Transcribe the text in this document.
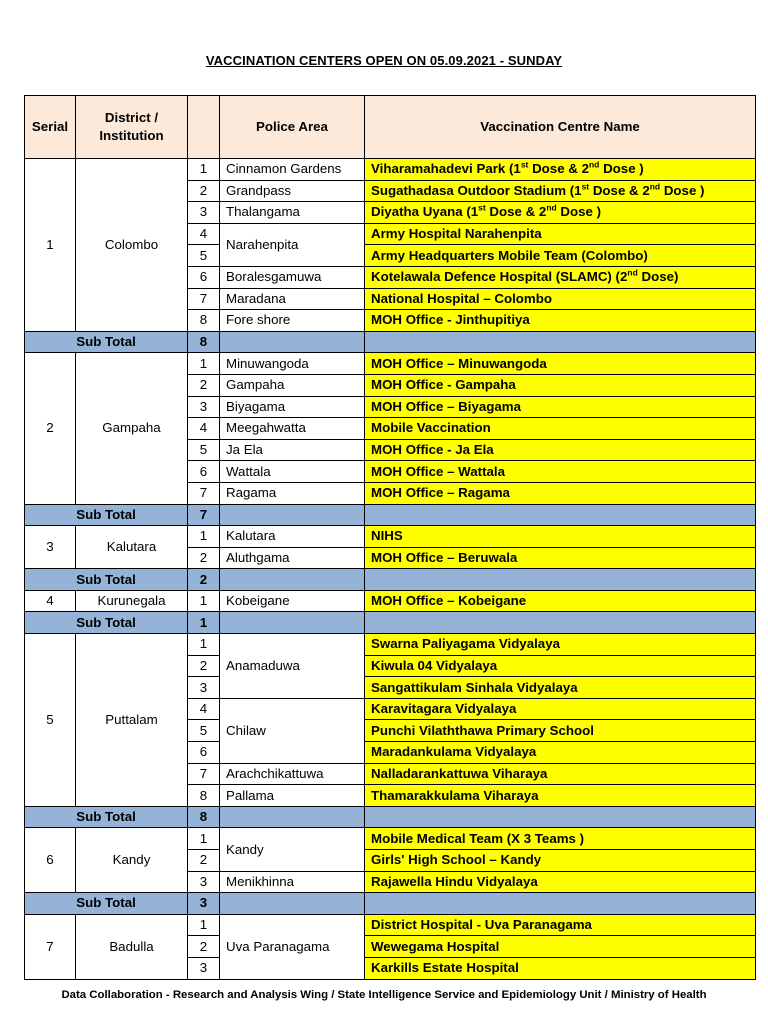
VACCINATION CENTERS OPEN ON 05.09.2021 - SUNDAY
Serial	District / Institution		Police Area	Vaccination Centre Name
1	Colombo	1	Cinnamon Gardens	Viharamahadevi Park (1st Dose & 2nd Dose )
		2	Grandpass	Sugathadasa Outdoor Stadium (1st Dose & 2nd Dose )
		3	Thalangama	Diyatha Uyana (1st Dose & 2nd Dose )
		4	Narahenpita	Army Hospital Narahenpita
		5		Army Headquarters Mobile Team (Colombo)
		6	Boralesgamuwa	Kotelawala Defence Hospital (SLAMC) (2nd Dose)
		7	Maradana	National Hospital – Colombo
		8	Fore shore	MOH Office - Jinthupitiya
Sub Total		8		
2	Gampaha	1	Minuwangoda	MOH Office – Minuwangoda
		2	Gampaha	MOH Office - Gampaha
		3	Biyagama	MOH Office – Biyagama
		4	Meegahwatta	Mobile Vaccination
		5	Ja Ela	MOH Office - Ja Ela
		6	Wattala	MOH Office – Wattala
		7	Ragama	MOH Office – Ragama
Sub Total		7		
3	Kalutara	1	Kalutara	NIHS
		2	Aluthgama	MOH Office – Beruwala
Sub Total		2		
4	Kurunegala	1	Kobeigane	MOH Office – Kobeigane
Sub Total		1		
5	Puttalam	1	Anamaduwa	Swarna Paliyagama Vidyalaya
		2		Kiwula 04 Vidyalaya
		3		Sangattikulam Sinhala Vidyalaya
		4	Chilaw	Karavitagara Vidyalaya
		5		Punchi Vilaththawa Primary School
		6		Maradankulama Vidyalaya
		7	Arachchikattuwa	Nalladarankattuwa Viharaya
		8	Pallama	Thamarakkulama Viharaya
Sub Total		8		
6	Kandy	1	Kandy	Mobile Medical Team (X 3 Teams )
		2		Girls' High School – Kandy
		3	Menikhinna	Rajawella Hindu Vidyalaya
Sub Total		3		
7	Badulla	1	Uva Paranagama	District Hospital - Uva Paranagama
		2		Wewegama Hospital
		3		Karkills Estate Hospital
Data Collaboration - Research and Analysis Wing / State Intelligence Service and Epidemiology Unit / Ministry of Health
